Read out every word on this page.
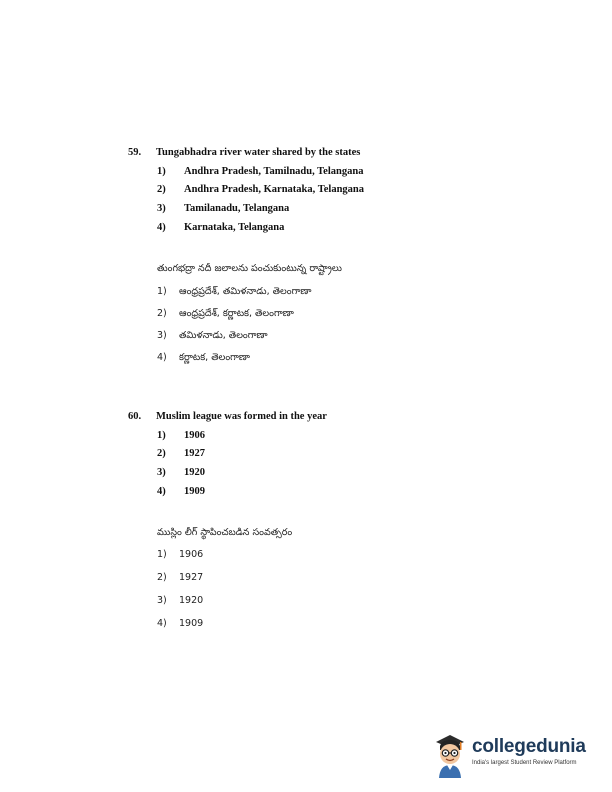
59. Tungabhadra river water shared by the states
1) Andhra Pradesh, Tamilnadu, Telangana
2) Andhra Pradesh, Karnataka, Telangana
3) Tamilanadu, Telangana
4) Karnataka, Telangana
తుంగభద్రా నదీ జలాలను పంచుకుంటున్న రాష్ట్రాలు
1) ఆంధ్రప్రదేశ్, తమిళనాడు, తెలంగాణా
2) ఆంధ్రప్రదేశ్, కర్ణాటక, తెలంగాణా
3) తమిళనాడు, తెలంగాణా
4) కర్ణాటక, తెలంగాణా
60. Muslim league was formed in the year
1) 1906
2) 1927
3) 1920
4) 1909
ముస్లిం లీగ్ స్థాపించబడిన సంవత్సరం
1) 1906
2) 1927
3) 1920
4) 1909
collegedunia
India's largest Student Review Platform
